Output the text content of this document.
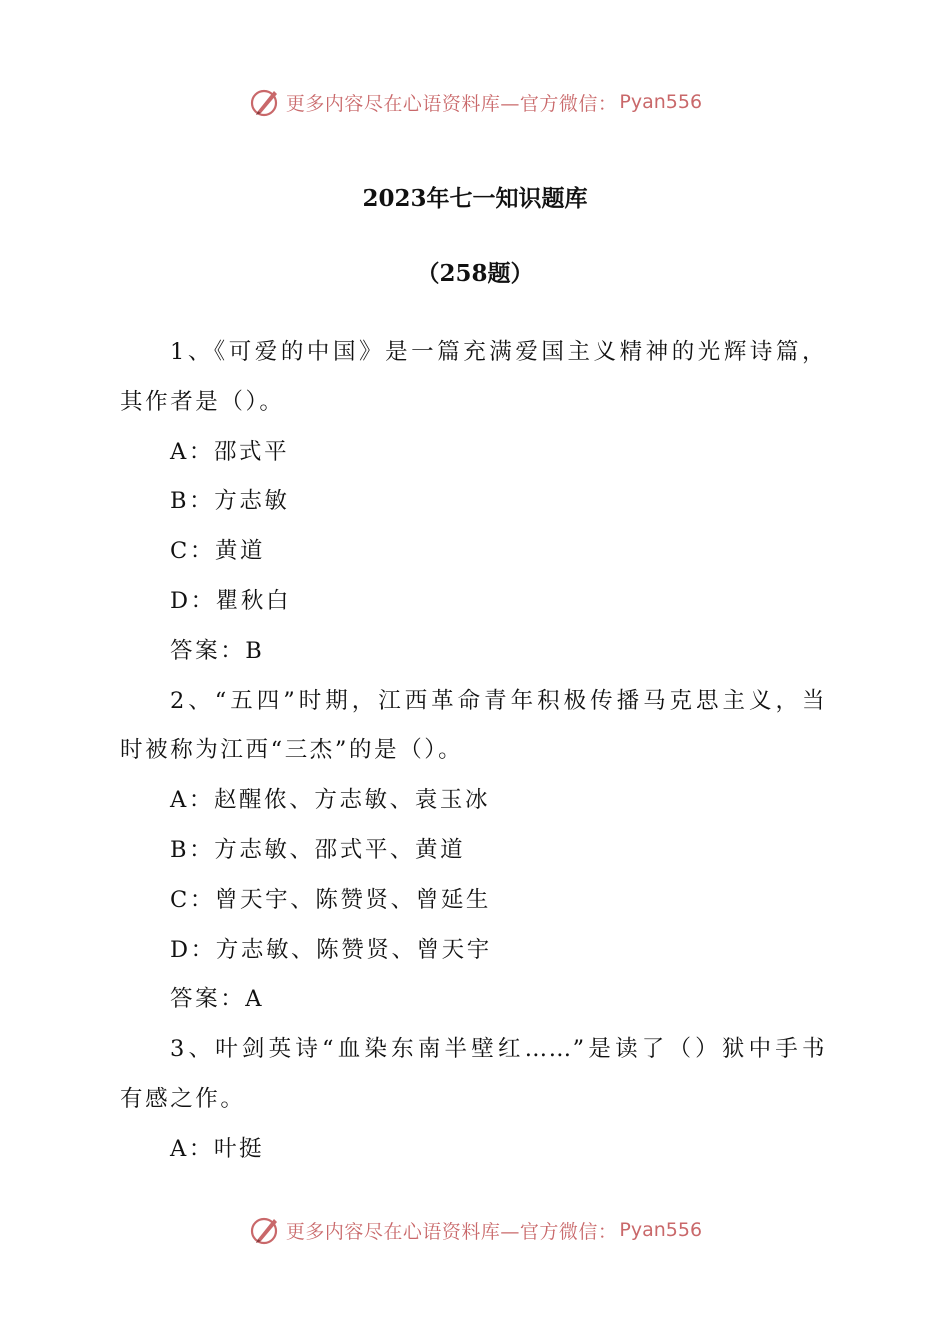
更多内容尽在心语资料库—官方微信： Pyan556
2023年七一知识题库
（258题）
1、《可爱的中国》是一篇充满爱国主义精神的光辉诗篇，
其作者是（）。
A：邵式平
B：方志敏
C：黄道
D：瞿秋白
答案：B
2、“五四”时期，江西革命青年积极传播马克思主义，当
时被称为江西“三杰”的是（）。
A：赵醒侬、方志敏、袁玉冰
B：方志敏、邵式平、黄道
C：曾天宇、陈赞贤、曾延生
D：方志敏、陈赞贤、曾天宇
答案：A
3、叶剑英诗“血染东南半壁红……”是读了（）狱中手书
有感之作。
A：叶挺
更多内容尽在心语资料库—官方微信： Pyan556
